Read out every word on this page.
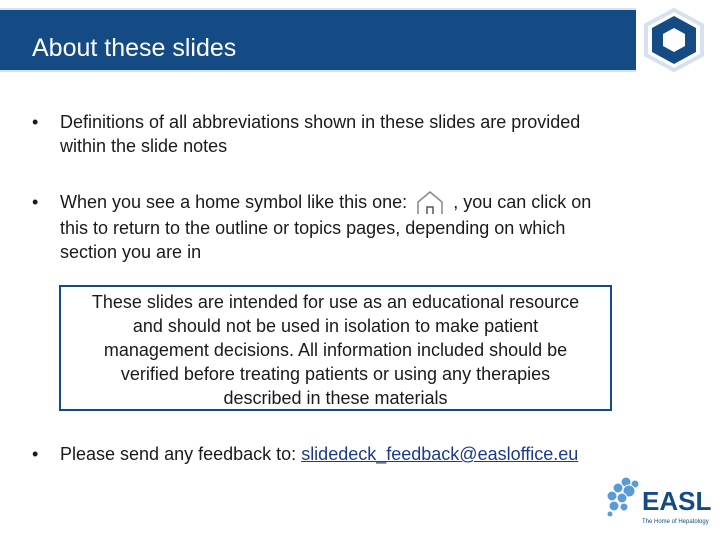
About these slides
• Definitions of all abbreviations shown in these slides are provided
within the slide notes
• When you see a home symbol like this one:	, you can click on
this to return to the outline or topics pages, depending on which
section you are in
These slides are intended for use as an educational resource
and should not be used in isolation to make patient
management decisions. All information included should be
verified before treating patients or using any therapies
described in these materials
• Please send any feedback to: slidedeck_feedback@easloffice.eu
EASL
The Home of Hepatology
